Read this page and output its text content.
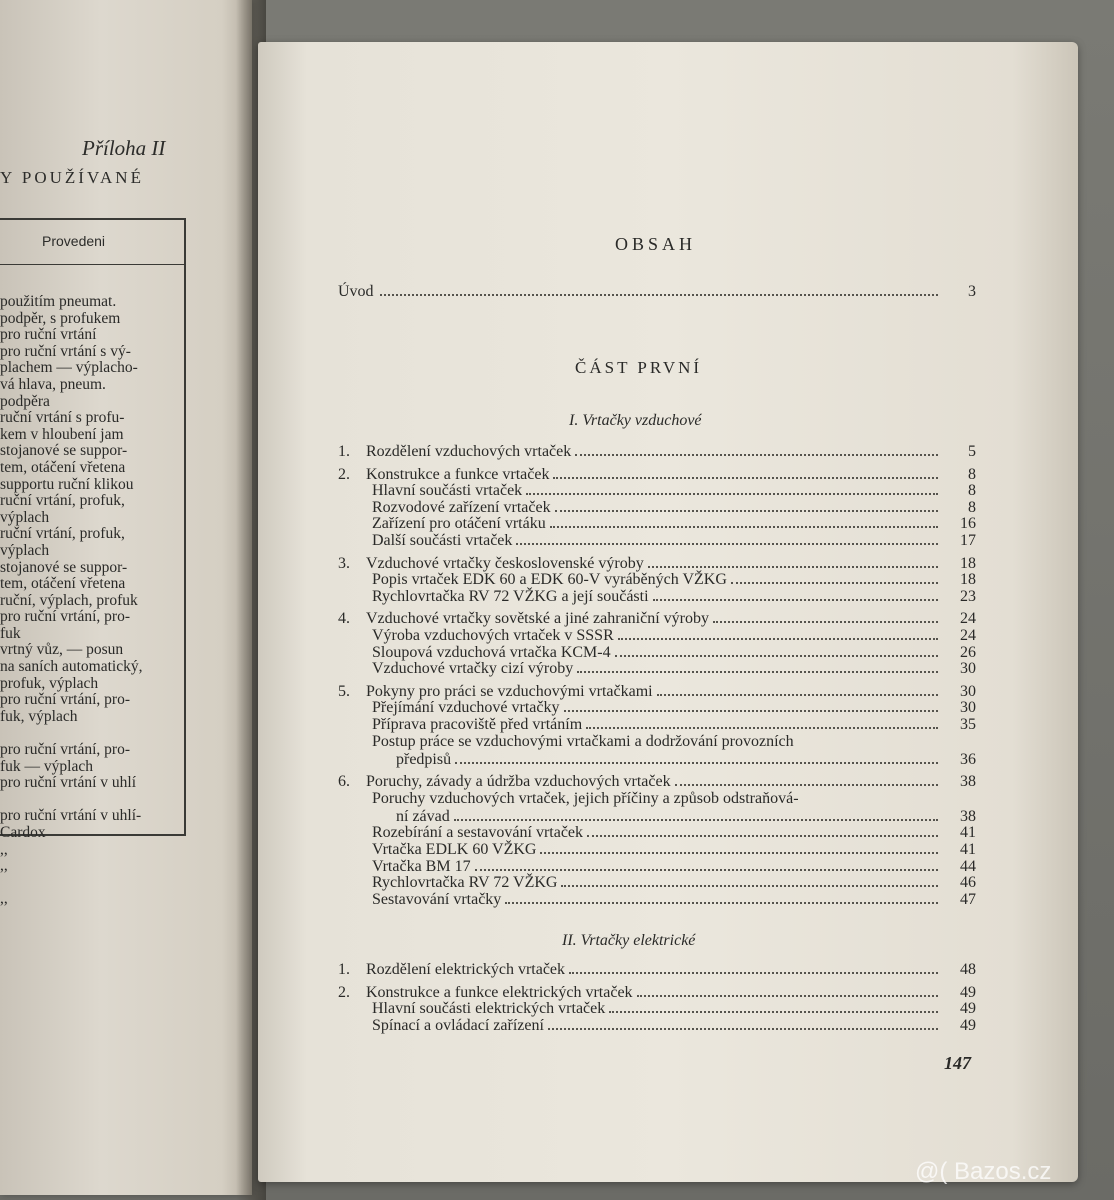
Příloha II
Y POUŽÍVANÉ
Provedeni
použitím pneumat.
podpěr, s profukem
pro ruční vrtání
pro ruční vrtání s vý-
plachem — výplacho-
vá hlava, pneum.
podpěra
ruční vrtání s profu-
kem v hloubení jam
stojanové se suppor-
tem, otáčení vřetena
supportu ruční klikou
ruční vrtání, profuk,
výplach
ruční vrtání, profuk,
výplach
stojanové se suppor-
tem, otáčení vřetena
ruční, výplach, profuk
pro ruční vrtání, pro-
fuk
vrtný vůz, — posun
na saních automatický,
profuk, výplach
pro ruční vrtání, pro-
fuk, výplach
pro ruční vrtání, pro-
fuk — výplach
pro ruční vrtání v uhlí
pro ruční vrtání v uhlí-
Cardox
,,
,,
,,
OBSAH
Úvod	3
ČÁST PRVNÍ
I. Vrtačky vzduchové
1.	Rozdělení vzduchových vrtaček	5
2.	Konstrukce a funkce vrtaček	8
Hlavní součásti vrtaček	8
Rozvodové zařízení vrtaček	8
Zařízení pro otáčení vrtáku	16
Další součásti vrtaček	17
3.	Vzduchové vrtačky československé výroby	18
Popis vrtaček EDK 60 a EDK 60-V vyráběných VŽKG	18
Rychlovrtačka RV 72 VŽKG a její součásti	23
4.	Vzduchové vrtačky sovětské a jiné zahraniční výroby	24
Výroba vzduchových vrtaček v SSSR	24
Sloupová vzduchová vrtačka KCM-4	26
Vzduchové vrtačky cizí výroby	30
5.	Pokyny pro práci se vzduchovými vrtačkami	30
Přejímání vzduchové vrtačky	30
Příprava pracoviště před vrtáním	35
Postup práce se vzduchovými vrtačkami a dodržování provozních
předpisů	36
6.	Poruchy, závady a údržba vzduchových vrtaček	38
Poruchy vzduchových vrtaček, jejich příčiny a způsob odstraňová-
ní závad	38
Rozebírání a sestavování vrtaček	41
Vrtačka EDLK 60 VŽKG	41
Vrtačka BM 17	44
Rychlovrtačka RV 72 VŽKG	46
Sestavování vrtačky	47
II. Vrtačky elektrické
1.	Rozdělení elektrických vrtaček	48
2.	Konstrukce a funkce elektrických vrtaček	49
Hlavní součásti elektrických vrtaček	49
Spínací a ovládací zařízení	49
147
@( Bazos.cz
